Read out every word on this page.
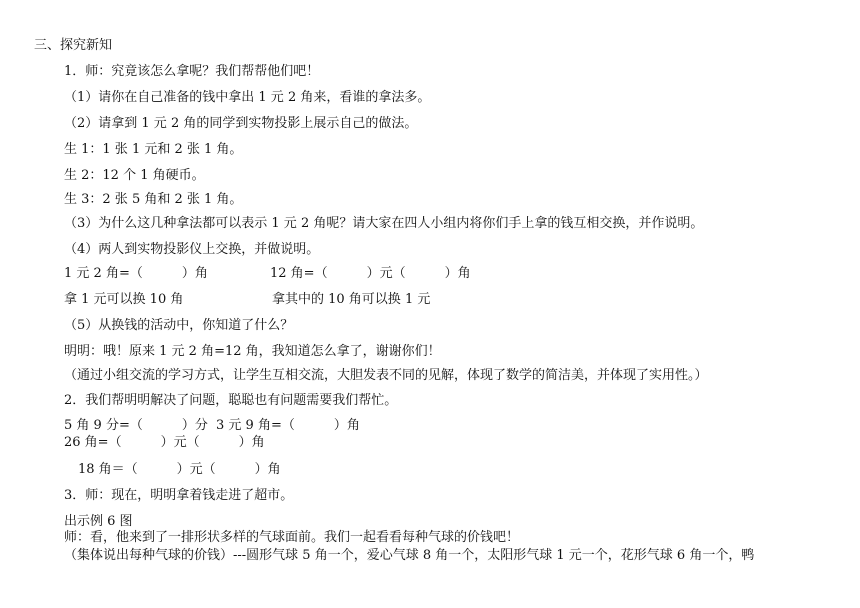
三、探究新知
1．师：究竟该怎么拿呢？我们帮帮他们吧！
（1）请你在自己准备的钱中拿出 1 元 2 角来，看谁的拿法多。
（2）请拿到 1 元 2 角的同学到实物投影上展示自己的做法。
生 1：1 张 1 元和 2 张 1 角。
生 2：12 个 1 角硬币。
生 3：2 张 5 角和 2 张 1 角。
（3）为什么这几种拿法都可以表示 1 元 2 角呢？请大家在四人小组内将你们手上拿的钱互相交换，并作说明。
（4）两人到实物投影仪上交换，并做说明。
1 元 2 角=（　　　）角	12 角=（　　　）元（　　　）角
拿 1 元可以换 10 角	拿其中的 10 角可以换 1 元
（5）从换钱的活动中，你知道了什么？
明明：哦！原来 1 元 2 角=12 角，我知道怎么拿了，谢谢你们！
（通过小组交流的学习方式，让学生互相交流，大胆发表不同的见解，体现了数学的简洁美，并体现了实用性。）
2．我们帮明明解决了问题，聪聪也有问题需要我们帮忙。
5 角 9 分=（　　　）分 3 元 9 角=（　　　）角
26 角=（　　　）元（　　　）角
18 角＝（　　　）元（　　　）角
3．师：现在，明明拿着钱走进了超市。
出示例 6 图
师：看，他来到了一排形状多样的气球面前。我们一起看看每种气球的价钱吧！
（集体说出每种气球的价钱）---圆形气球 5 角一个，爱心气球 8 角一个，太阳形气球 1 元一个，花形气球 6 角一个，鸭
